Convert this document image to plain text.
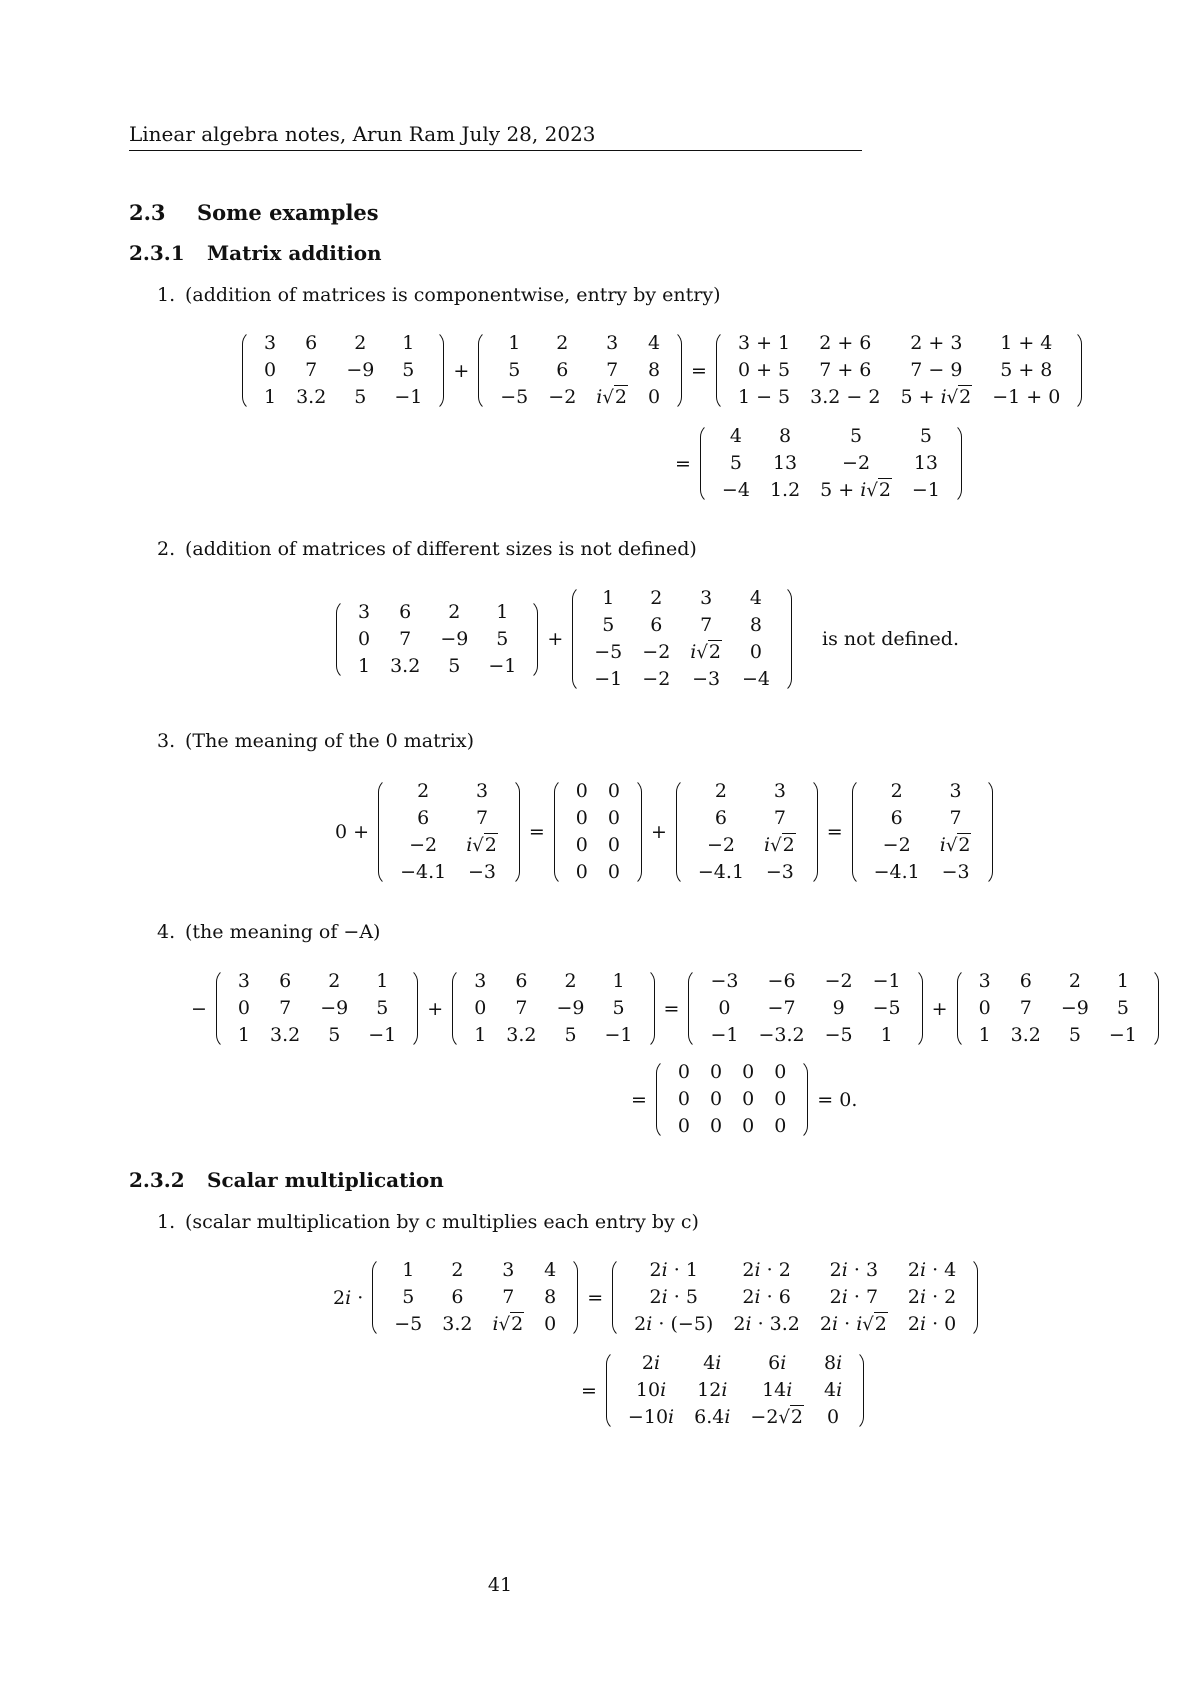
Linear algebra notes, Arun Ram July 28, 2023
2.3 Some examples
2.3.1 Matrix addition
1. (addition of matrices is componentwise, entry by entry)
3	6	2	1
0	7	−9	5
1	3.2	5	−1
+
1	2	3	4
5	6	7	8
−5	−2	i√2	0
=
3 + 1	2 + 6	2 + 3	1 + 4
0 + 5	7 + 6	7 − 9	5 + 8
1 − 5	3.2 − 2	5 + i√2	−1 + 0
=
4	8	5	5
5	13	−2	13
−4	1.2	5 + i√2	−1
2. (addition of matrices of different sizes is not defined)
3	6	2	1
0	7	−9	5
1	3.2	5	−1
+
1	2	3	4
5	6	7	8
−5	−2	i√2	0
−1	−2	−3	−4
is not defined.
3. (The meaning of the 0 matrix)
0 +
2	3
6	7
−2	i√2
−4.1	−3
=
0	0
0	0
0	0
0	0
+
2	3
6	7
−2	i√2
−4.1	−3
=
2	3
6	7
−2	i√2
−4.1	−3
4. (the meaning of −A)
−
3	6	2	1
0	7	−9	5
1	3.2	5	−1
+
3	6	2	1
0	7	−9	5
1	3.2	5	−1
=
−3	−6	−2	−1
0	−7	9	−5
−1	−3.2	−5	1
+
3	6	2	1
0	7	−9	5
1	3.2	5	−1
=
0	0	0	0
0	0	0	0
0	0	0	0
= 0.
2.3.2 Scalar multiplication
1. (scalar multiplication by c multiplies each entry by c)
2i ·
1	2	3	4
5	6	7	8
−5	3.2	i√2	0
=
2i · 1	2i · 2	2i · 3	2i · 4
2i · 5	2i · 6	2i · 7	2i · 2
2i · (−5)	2i · 3.2	2i · i√2	2i · 0
=
2i	4i	6i	8i
10i	12i	14i	4i
−10i	6.4i	−2√2	0
41
